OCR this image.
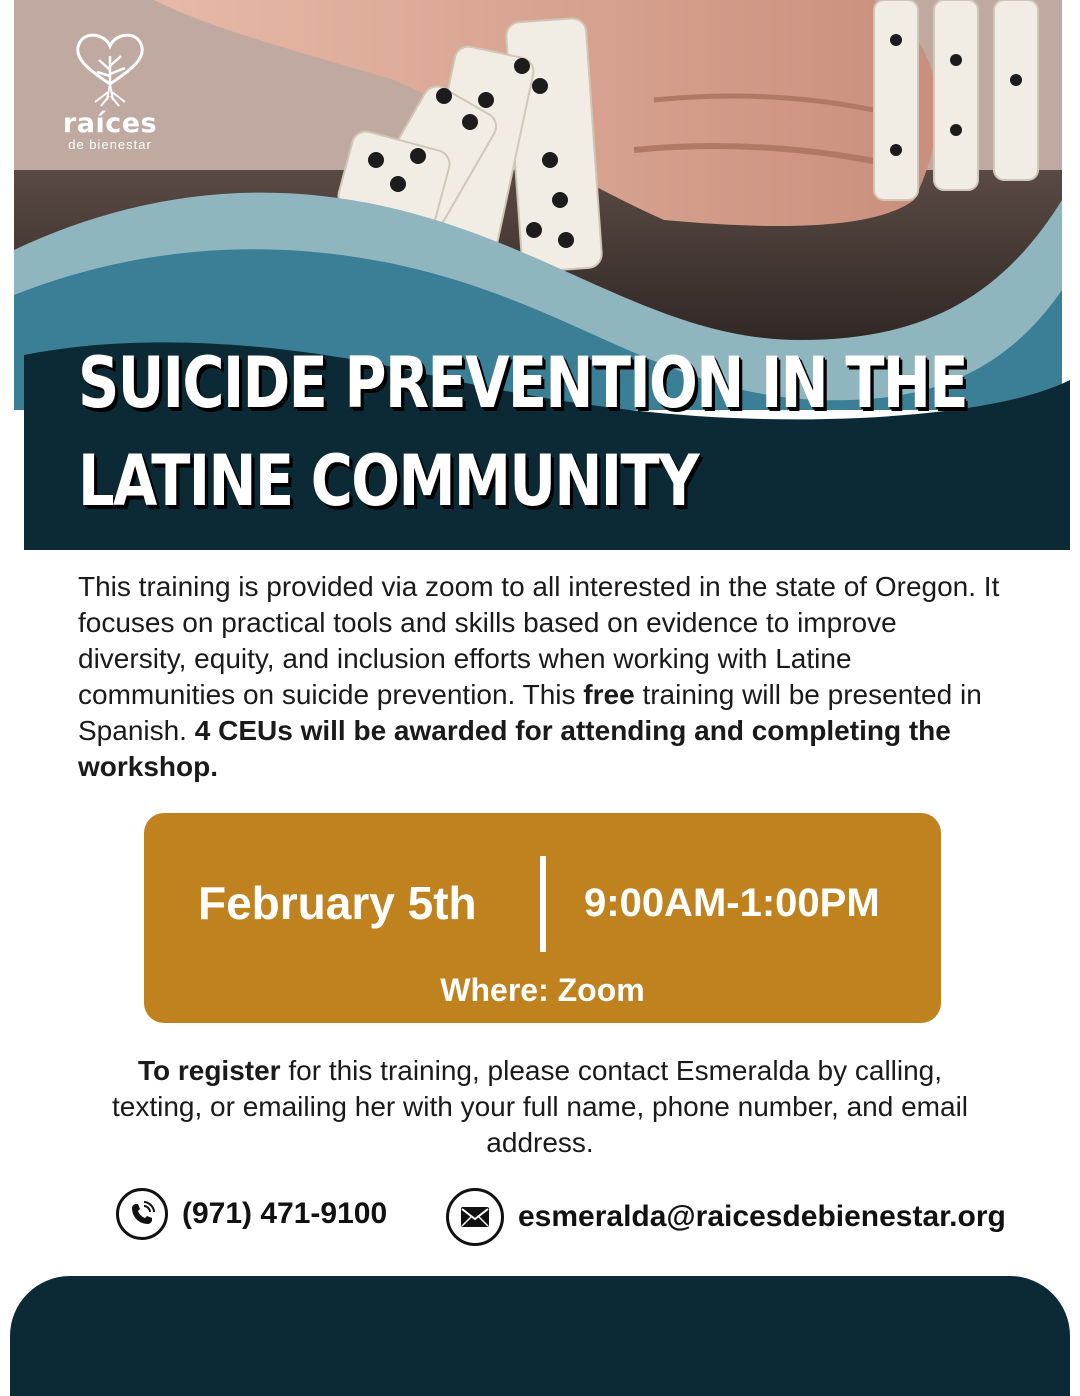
raíces
de bienestar
SUICIDE PREVENTION IN THE
LATINE COMMUNITY

This training is provided via zoom to all interested in the state of Oregon. It focuses on practical tools and skills based on evidence to improve diversity, equity, and inclusion efforts when working with Latine communities on suicide prevention. This free training will be presented in Spanish. 4 CEUs will be awarded for attending and completing the workshop.

February 5th	9:00AM-1:00PM
Where: Zoom

To register for this training, please contact Esmeralda by calling, texting, or emailing her with your full name, phone number, and email address.

(971) 471-9100	esmeralda@raicesdebienestar.org
